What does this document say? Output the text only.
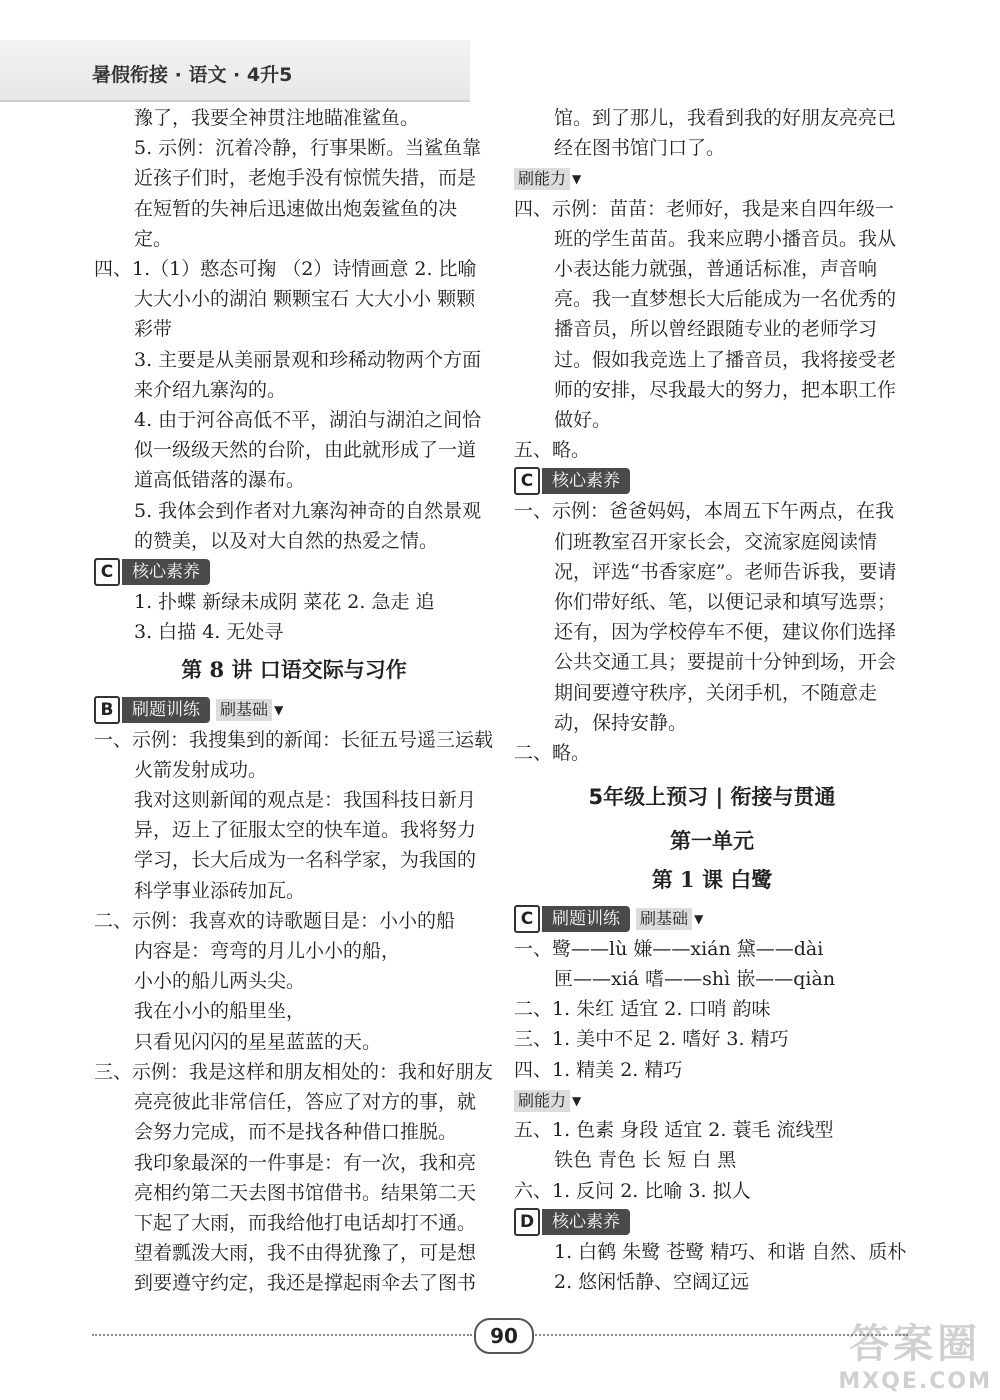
暑假衔接 · 语文 · 4升5

豫了，我要全神贯注地瞄准鲨鱼。

5. 示例：沉着冷静，行事果断。当鲨鱼靠近孩子们时，老炮手没有惊慌失措，而是在短暂的失神后迅速做出炮轰鲨鱼的决定。

四、1.（1）憨态可掬 （2）诗情画意 2. 比喻 大大小小的湖泊 颗颗宝石 大大小小 颗颗 彩带

3. 主要是从美丽景观和珍稀动物两个方面来介绍九寨沟的。

4. 由于河谷高低不平，湖泊与湖泊之间恰似一级级天然的台阶，由此就形成了一道道高低错落的瀑布。

5. 我体会到作者对九寨沟神奇的自然景观的赞美，以及对大自然的热爱之情。

C	核心素养

1. 扑蝶 新绿未成阴 菜花 2. 急走 追

3. 白描 4. 无处寻

第 8 讲 口语交际与习作

B	刷题训练
	刷基础 ▼

一、示例：我搜集到的新闻：长征五号遥三运载火箭发射成功。

我对这则新闻的观点是：我国科技日新月异，迈上了征服太空的快车道。我将努力学习，长大后成为一名科学家，为我国的科学事业添砖加瓦。

二、示例：我喜欢的诗歌题目是：小小的船

内容是：弯弯的月儿小小的船，

小小的船儿两头尖。

我在小小的船里坐，

只看见闪闪的星星蓝蓝的天。

三、示例：我是这样和朋友相处的：我和好朋友亮亮彼此非常信任，答应了对方的事，就会努力完成，而不是找各种借口推脱。

我印象最深的一件事是：有一次，我和亮亮相约第二天去图书馆借书。结果第二天下起了大雨，而我给他打电话却打不通。望着瓢泼大雨，我不由得犹豫了，可是想到要遵守约定，我还是撑起雨伞去了图书

馆。到了那儿，我看到我的好朋友亮亮已经在图书馆门口了。

刷能力 ▼

四、示例：苗苗：老师好，我是来自四年级一班的学生苗苗。我来应聘小播音员。我从小表达能力就强，普通话标准，声音响亮。我一直梦想长大后能成为一名优秀的播音员，所以曾经跟随专业的老师学习过。假如我竞选上了播音员，我将接受老师的安排，尽我最大的努力，把本职工作做好。

五、略。

C	核心素养

一、示例：爸爸妈妈，本周五下午两点，在我们班教室召开家长会，交流家庭阅读情况，评选“书香家庭”。老师告诉我，要请你们带好纸、笔，以便记录和填写选票；还有，因为学校停车不便，建议你们选择公共交通工具；要提前十分钟到场，开会期间要遵守秩序，关闭手机，不随意走动，保持安静。

二、略。

5年级上预习 | 衔接与贯通

第一单元

第 1 课 白鹭

C	刷题训练
	刷基础 ▼

一、鹭——lù 嫌——xián 黛——dài

匣——xiá 嗜——shì 嵌——qiàn

二、1. 朱红 适宜 2. 口哨 韵味

三、1. 美中不足 2. 嗜好 3. 精巧

四、1. 精美 2. 精巧

刷能力 ▼

五、1. 色素 身段 适宜 2. 蓑毛 流线型

铁色 青色 长 短 白 黑

六、1. 反问 2. 比喻 3. 拟人

D	核心素养

1. 白鹤 朱鹭 苍鹭 精巧、和谐 自然、质朴 2. 悠闲恬静、空阔辽远

90	答案圈
MXQE.COM
